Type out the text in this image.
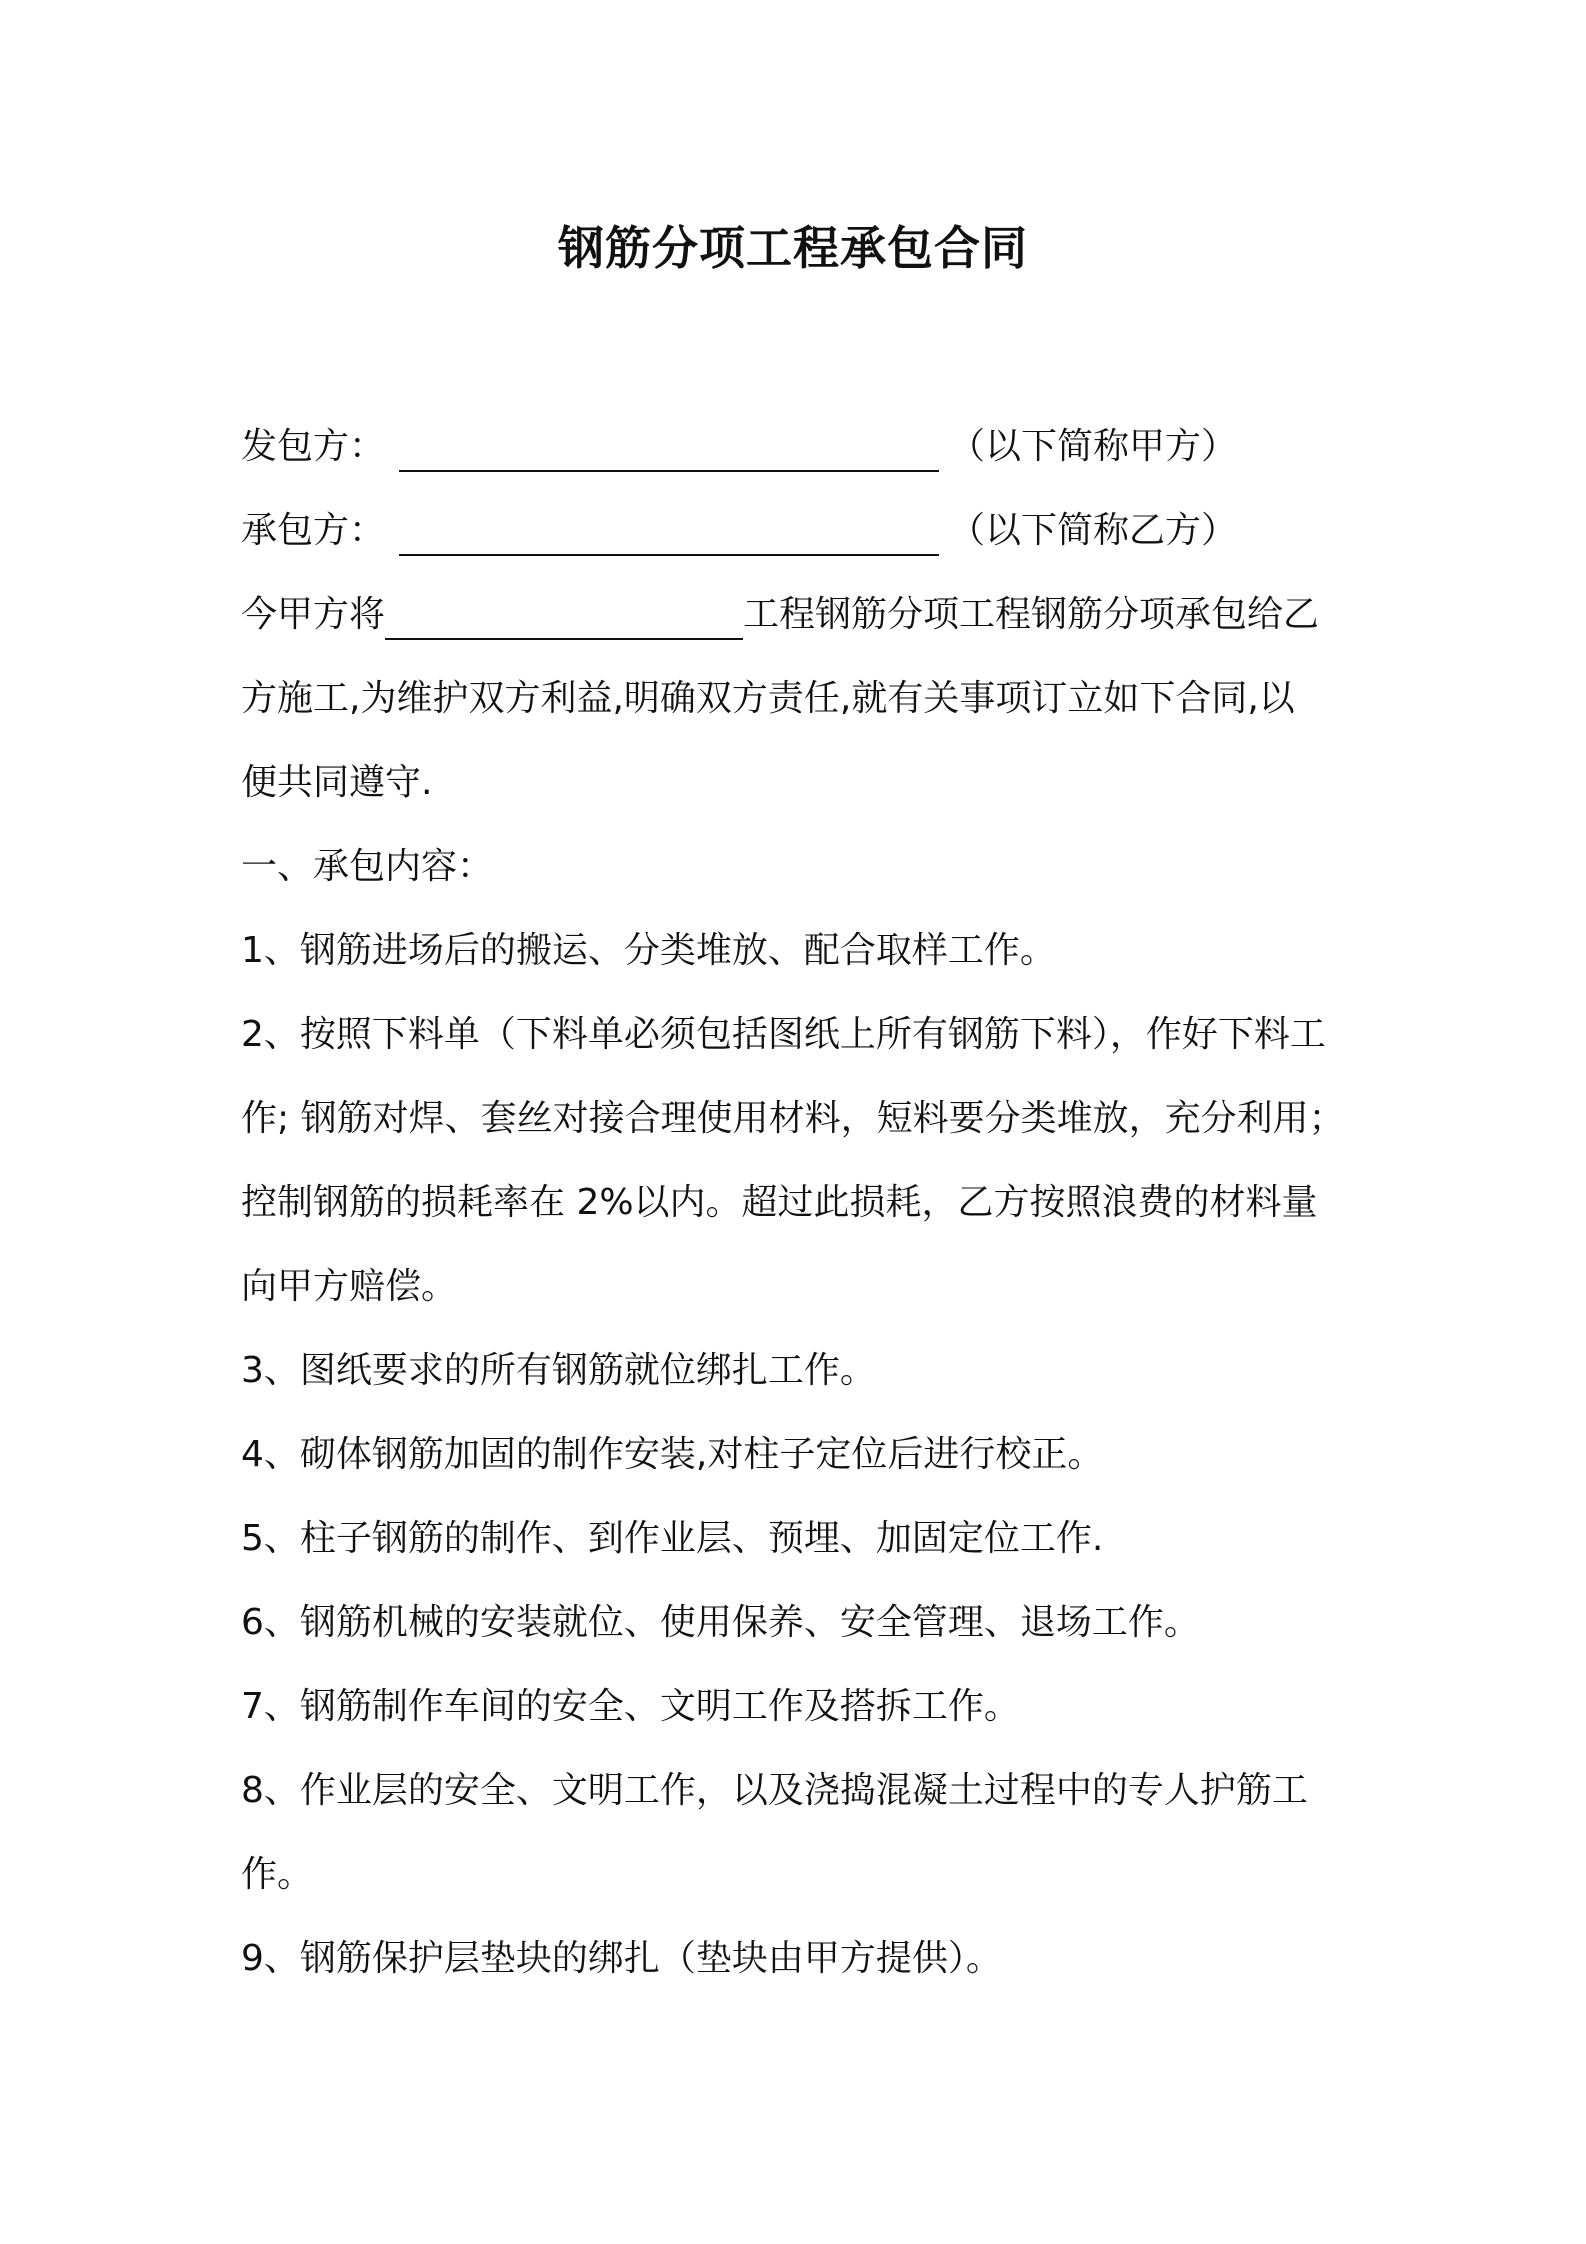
钢筋分项工程承包合同
发包方：	（以下简称甲方）
承包方：	（以下简称乙方）
今甲方将	工程钢筋分项工程钢筋分项承包给乙
方施工,为维护双方利益,明确双方责任,就有关事项订立如下合同,以
便共同遵守.
一、承包内容：
1、钢筋进场后的搬运、分类堆放、配合取样工作。
2、按照下料单（下料单必须包括图纸上所有钢筋下料），作好下料工
作; 钢筋对焊、套丝对接合理使用材料，短料要分类堆放，充分利用；
控制钢筋的损耗率在 2%以内。超过此损耗，乙方按照浪费的材料量
向甲方赔偿。
3、图纸要求的所有钢筋就位绑扎工作。
4、砌体钢筋加固的制作安装,对柱子定位后进行校正。
5、柱子钢筋的制作、到作业层、预埋、加固定位工作.
6、钢筋机械的安装就位、使用保养、安全管理、退场工作。
7、钢筋制作车间的安全、文明工作及搭拆工作。
8、作业层的安全、文明工作，以及浇捣混凝土过程中的专人护筋工
作。
9、钢筋保护层垫块的绑扎（垫块由甲方提供）。
